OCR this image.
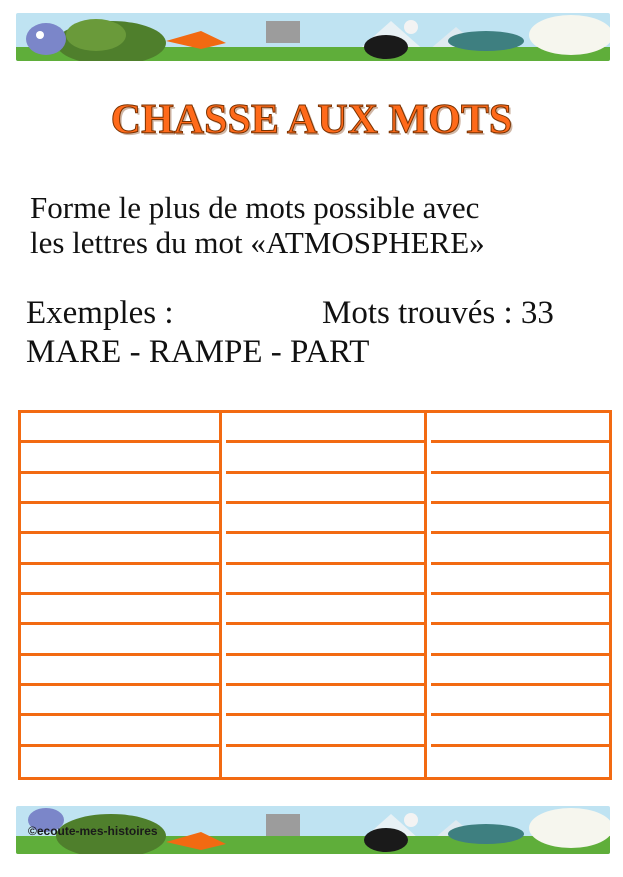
CHASSE AUX MOTS
Forme le plus de mots possible avec
les lettres du mot «ATMOSPHERE»
Exemples :	Mots trouvés : 33
MARE - RAMPE - PART
©ecoute-mes-histoires
